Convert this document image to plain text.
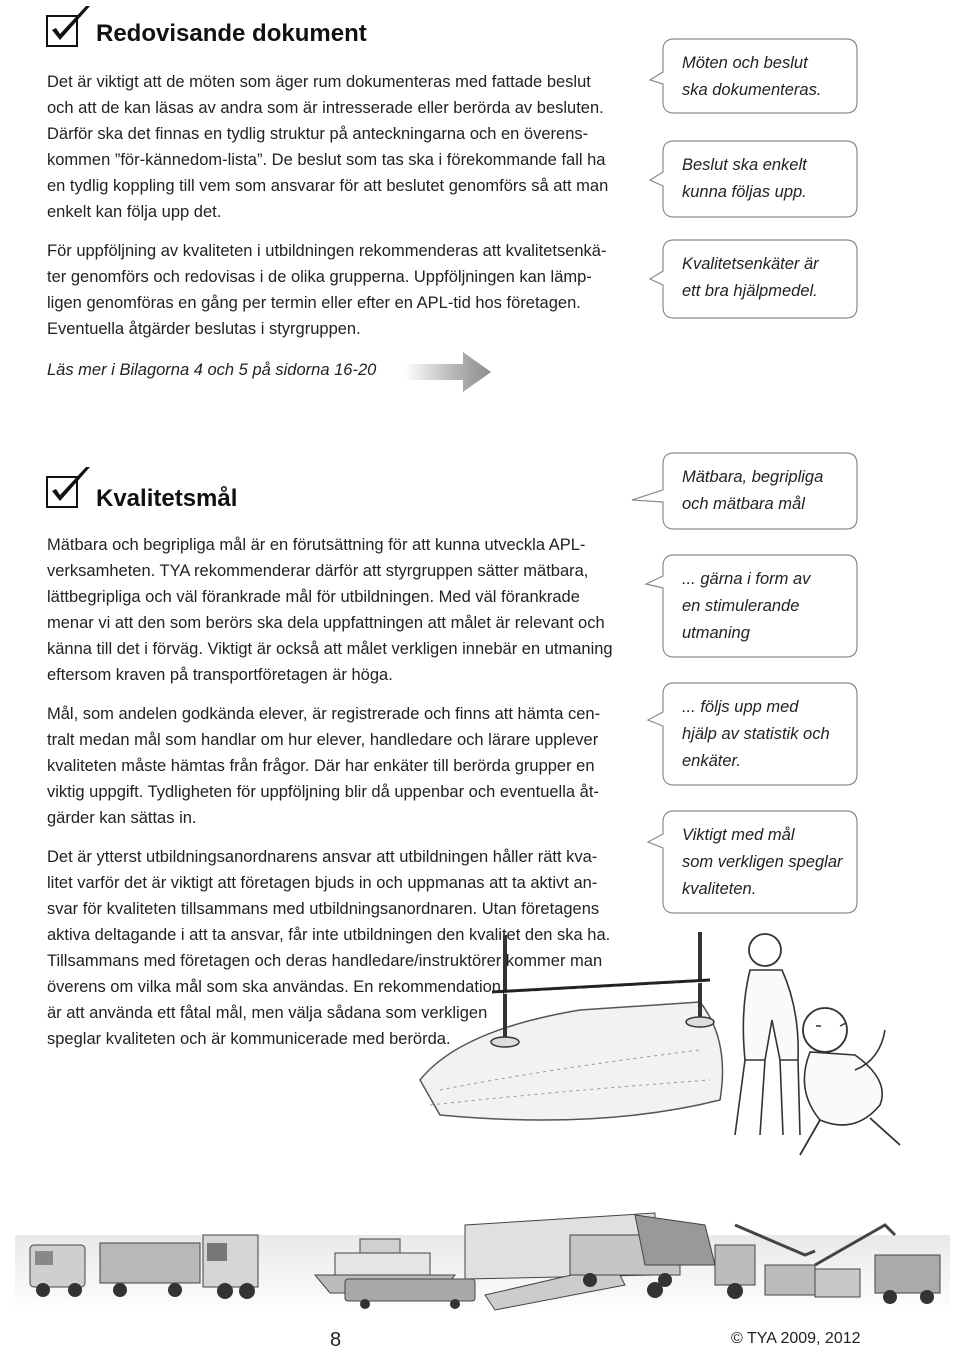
Redovisande dokument

Det är viktigt att de möten som äger rum dokumenteras med fattade beslut
och att de kan läsas av andra som är intresserade eller berörda av besluten.
Därför ska det finnas en tydlig struktur på anteckningarna och en överens-
kommen ”för-kännedom-lista”. De beslut som tas ska i förekommande fall ha
en tydlig koppling till vem som ansvarar för att beslutet genomförs så att man
enkelt kan följa upp det.

För uppföljning av kvaliteten i utbildningen rekommenderas att kvalitetsenkä-
ter genomförs och redovisas i de olika grupperna. Uppföljningen kan lämp-
ligen genomföras en gång per termin eller efter en APL-tid hos företagen.
Eventuella åtgärder beslutas i styrgruppen.

Läs mer i Bilagorna 4 och 5 på sidorna 16-20
Kvalitetsmål

Mätbara och begripliga mål är en förutsättning för att kunna utveckla APL-
verksamheten. TYA rekommenderar därför att styrgruppen sätter mätbara,
lättbegripliga och väl förankrade mål för utbildningen. Med väl förankrade
menar vi att den som berörs ska dela uppfattningen att målet är relevant och
känna till det i förväg. Viktigt är också att målet verkligen innebär en utmaning
eftersom kraven på transportföretagen är höga.

Mål, som andelen godkända elever, är registrerade och finns att hämta cen-
tralt medan mål som handlar om hur elever, handledare och lärare upplever
kvaliteten måste hämtas från frågor. Där har enkäter till berörda grupper en
viktig uppgift. Tydligheten för uppföljning blir då uppenbar och eventuella åt-
gärder kan sättas in.

Det är ytterst utbildningsanordnarens ansvar att utbildningen håller rätt kva-
litet varför det är viktigt att företagen bjuds in och uppmanas att ta aktivt an-
svar för kvaliteten tillsammans med utbildningsanordnaren. Utan företagens
aktiva deltagande i att ta ansvar, får inte utbildningen den kvalitet den ska ha.
Tillsammans med företagen och deras handledare/instruktörer kommer man
överens om vilka mål som ska användas. En rekommendation
är att använda ett fåtal mål, men välja sådana som verkligen
speglar kvaliteten och är kommunicerade med berörda.

Möten och beslut
ska dokumenteras.
Beslut ska enkelt
kunna följas upp.
Kvalitetsenkäter är
ett bra hjälpmedel.
Mätbara, begripliga
och mätbara mål
... gärna i form av
en stimulerande
utmaning
... följs upp med
hjälp av statistik och
enkäter.
Viktigt med mål
som verkligen speglar
kvaliteten.
8	© TYA 2009, 2012
